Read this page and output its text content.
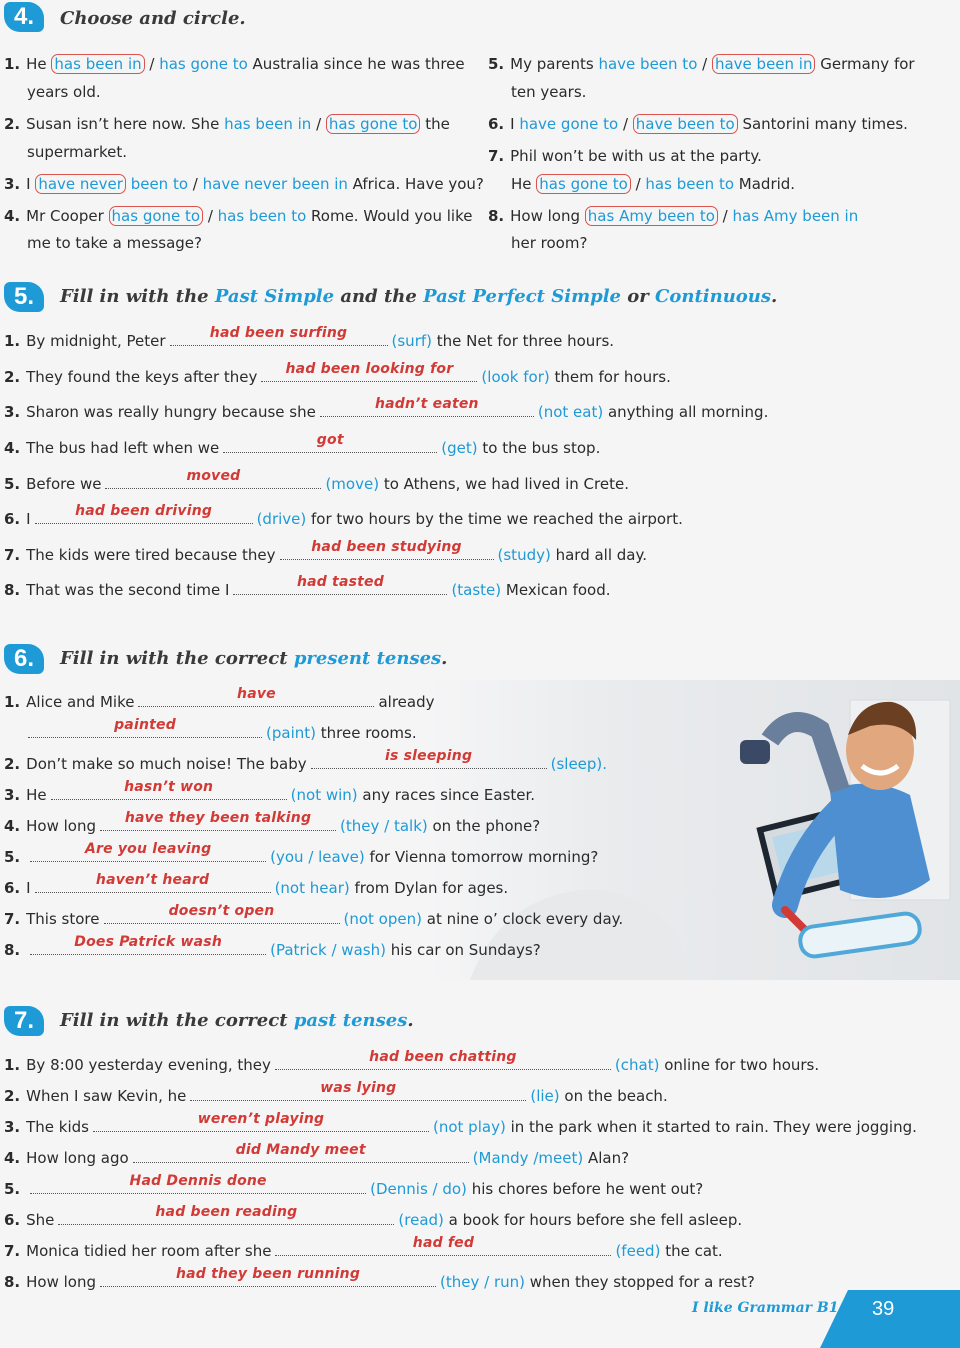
4.	Choose and circle.
1. He has been in / has gone to Australia since he was three
years old.
2. Susan isn’t here now. She has been in / has gone to the
supermarket.
3. I have never been to / have never been in Africa. Have you?
4. Mr Cooper has gone to / has been to Rome. Would you like
me to take a message?
5. My parents have been to / have been in Germany for
ten years.
6. I have gone to / have been to Santorini many times.
7. Phil won’t be with us at the party.
He has gone to / has been to Madrid.
8. How long has Amy been to / has Amy been in
her room?
5.	Fill in with the Past Simple and the Past Perfect Simple or Continuous.
1. By midnight, Peter	had been surfing	(surf) the Net for three hours.
2. They found the keys after they	had been looking for	(look for) them for hours.
3. Sharon was really hungry because she	hadn’t eaten	(not eat) anything all morning.
4. The bus had left when we	got	(get) to the bus stop.
5. Before we	moved	(move) to Athens, we had lived in Crete.
6. I	had been driving	(drive) for two hours by the time we reached the airport.
7. The kids were tired because they	had been studying	(study) hard all day.
8. That was the second time I	had tasted	(taste) Mexican food.
6.	Fill in with the correct present tenses.
1. Alice and Mike	have	already
painted	(paint) three rooms.
2. Don’t make so much noise! The baby	is sleeping	(sleep).
3. He	hasn’t won	(not win) any races since Easter.
4. How long	have they been talking	(they / talk) on the phone?
5.	Are you leaving	(you / leave) for Vienna tomorrow morning?
6. I	haven’t heard	(not hear) from Dylan for ages.
7. This store	doesn’t open	(not open) at nine o’ clock every day.
8.	Does Patrick wash	(Patrick / wash) his car on Sundays?
7.	Fill in with the correct past tenses.
1. By 8:00 yesterday evening, they	had been chatting	(chat) online for two hours.
2. When I saw Kevin, he	was lying	(lie) on the beach.
3. The kids	weren’t playing	(not play) in the park when it started to rain. They were jogging.
4. How long ago	did Mandy meet	(Mandy /meet) Alan?
5.	Had Dennis done	(Dennis / do) his chores before he went out?
6. She	had been reading	(read) a book for hours before she fell asleep.
7. Monica tidied her room after she	had fed	(feed) the cat.
8. How long	had they been running	(they / run) when they stopped for a rest?
I like Grammar B1 39
